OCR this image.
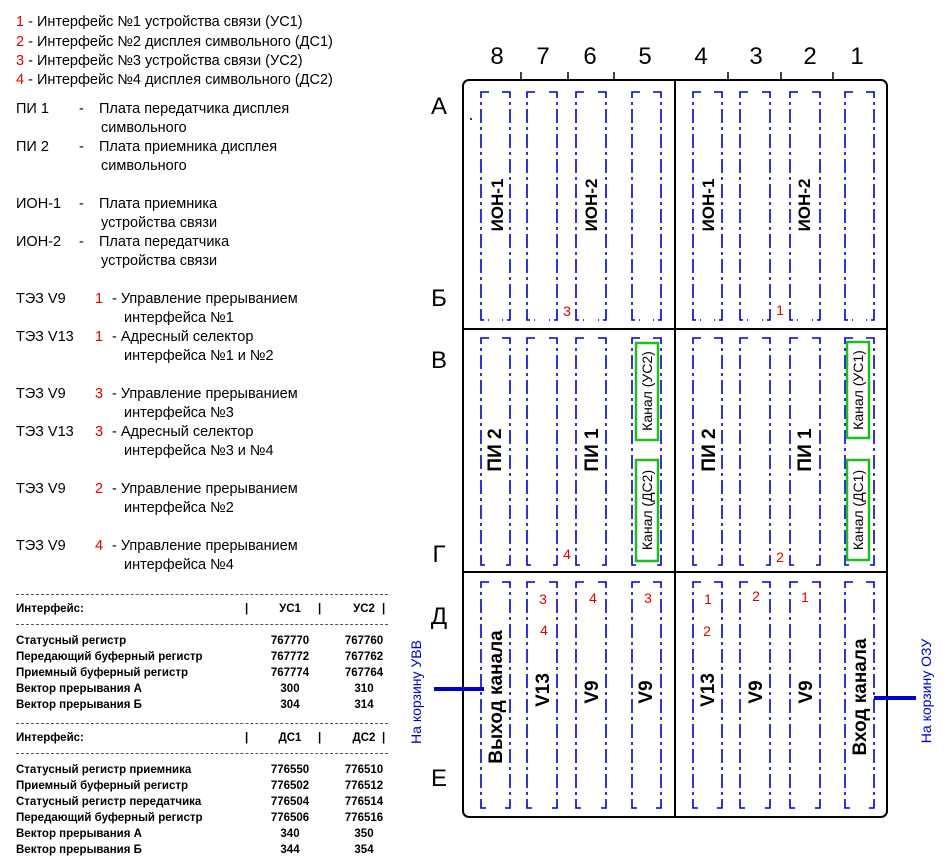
1 - Интерфейс №1 устройства связи (УС1)
2 - Интерфейс №2 дисплея символьного (ДС1)
3 - Интерфейс №3 устройства связи (УС2)
4 - Интерфейс №4 дисплея символьного (ДС2)
ПИ 1 - Плата передатчика дисплея
символьного
ПИ 2 - Плата приемника дисплея
символьного
ИОН-1 - Плата приемника
устройства связи
ИОН-2 - Плата передатчика
устройства связи
ТЭЗ V9 1 - Управление прерыванием
интерфейса №1
ТЭЗ V13 1 - Адресный селектор
интерфейса №1 и №2
ТЭЗ V9 3 - Управление прерыванием
интерфейса №3
ТЭЗ V13 3 - Адресный селектор
интерфейса №3 и №4
ТЭЗ V9 2 - Управление прерыванием
интерфейса №2
ТЭЗ V9 4 - Управление прерыванием
интерфейса №4
Интерфейс:	|	УС1	|	УС2 |
Статусный регистр	767770	767760
Передающий буферный регистр	767772	767762
Приемный буферный регистр	767774	767764
Вектор прерывания А	300	310
Вектор прерывания Б	304	314
Интерфейс:	|	ДС1	|	ДС2 |
Статусный регистр приемника	776550	776510
Приемный буферный регистр	776502	776512
Статусный регистр передатчика	776504	776514
Передающий буферный регистр	776506	776516
Вектор прерывания А	340	350
Вектор прерывания Б	344	354
8 7 6 5 4 3 2 1
А
Б
В
Г
Д
Е
ИОН-1	ИОН-2	ИОН-1	ИОН-2
ПИ 2	ПИ 1	ПИ 2	ПИ 1
Канал (УС2)
Канал (ДС2)
Канал (УС1)
Канал (ДС1)
Выход канала V13 V9 V9 V13 V9 V9 Вход канала
3	1
4	2
3
4
4	3	1
2
2	1
На корзину УВВ	На корзину ОЗУ
